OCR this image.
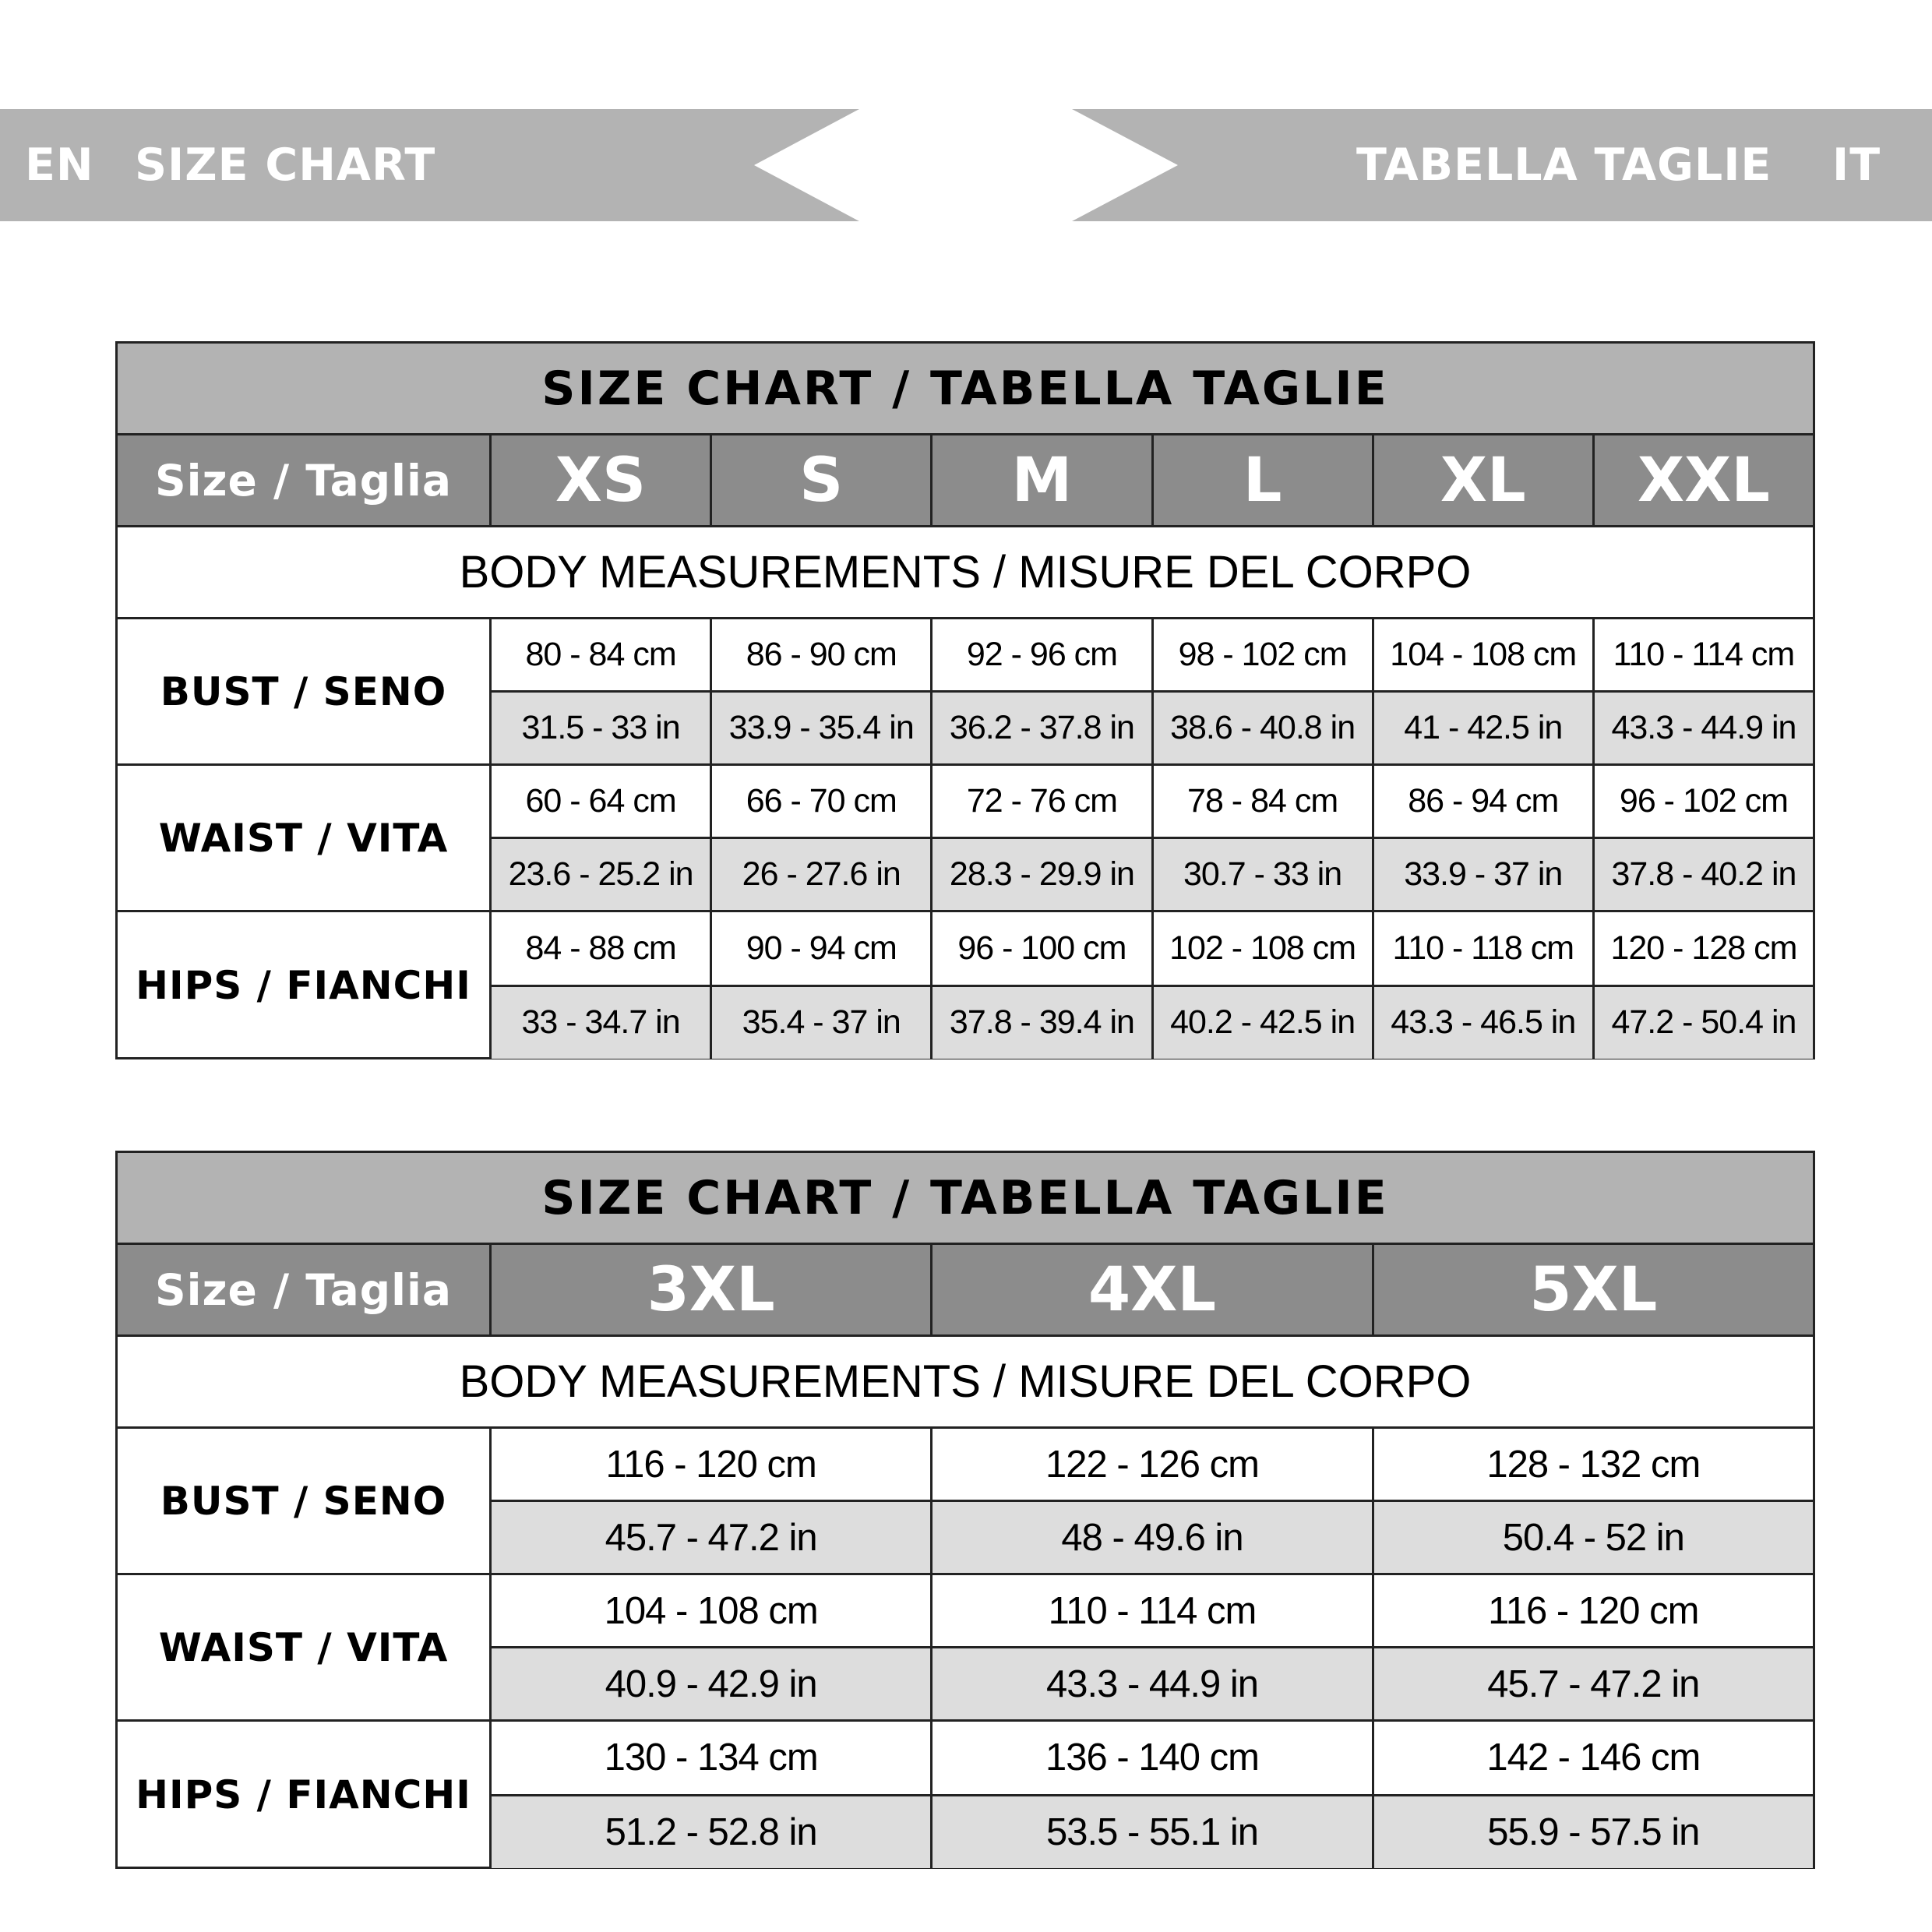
EN SIZE CHART	TABELLA TAGLIE IT
SIZE CHART / TABELLA TAGLIE
Size / Taglia	XS	S	M	L	XL	XXL
BODY MEASUREMENTS / MISURE DEL CORPO
BUST / SENO
80 - 84 cm	86 - 90 cm	92 - 96 cm	98 - 102 cm	104 - 108 cm	110 - 114 cm
31.5 - 33 in	33.9 - 35.4 in	36.2 - 37.8 in	38.6 - 40.8 in	41 - 42.5 in	43.3 - 44.9 in
WAIST / VITA
60 - 64 cm	66 - 70 cm	72 - 76 cm	78 - 84 cm	86 - 94 cm	96 - 102 cm
23.6 - 25.2 in	26 - 27.6 in	28.3 - 29.9 in	30.7 - 33 in	33.9 - 37 in	37.8 - 40.2 in
HIPS / FIANCHI
84 - 88 cm	90 - 94 cm	96 - 100 cm	102 - 108 cm	110 - 118 cm	120 - 128 cm
33 - 34.7 in	35.4 - 37 in	37.8 - 39.4 in	40.2 - 42.5 in	43.3 - 46.5 in	47.2 - 50.4 in
SIZE CHART / TABELLA TAGLIE
Size / Taglia	3XL	4XL	5XL
BODY MEASUREMENTS / MISURE DEL CORPO
BUST / SENO
116 - 120 cm	122 - 126 cm	128 - 132 cm
45.7 - 47.2 in	48 - 49.6 in	50.4 - 52 in
WAIST / VITA
104 - 108 cm	110 - 114 cm	116 - 120 cm
40.9 - 42.9 in	43.3 - 44.9 in	45.7 - 47.2 in
HIPS / FIANCHI
130 - 134 cm	136 - 140 cm	142 - 146 cm
51.2 - 52.8 in	53.5 - 55.1 in	55.9 - 57.5 in
